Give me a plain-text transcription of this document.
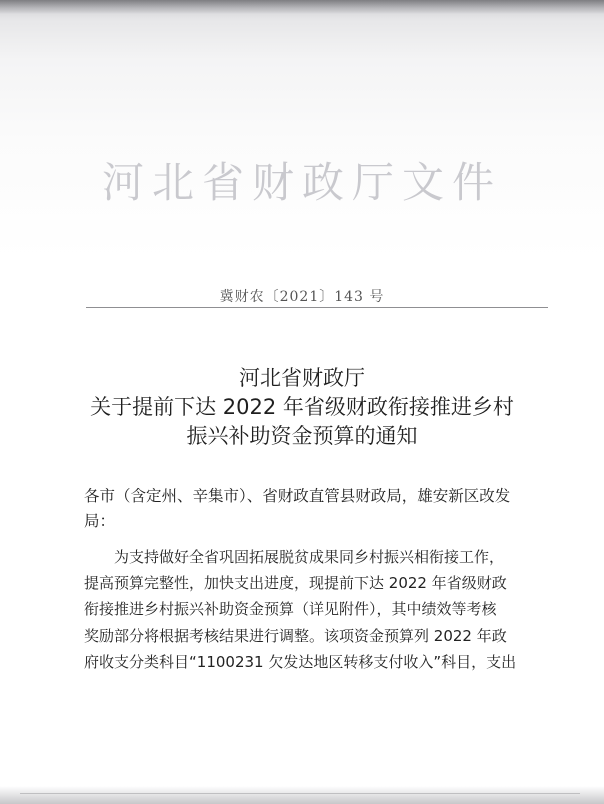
河北省财政厅文件
冀财农〔2021〕143 号
河北省财政厅
关于提前下达 2022 年省级财政衔接推进乡村
振兴补助资金预算的通知
各市（含定州、辛集市）、省财政直管县财政局，雄安新区改发
局：
为支持做好全省巩固拓展脱贫成果同乡村振兴相衔接工作，
提高预算完整性，加快支出进度，现提前下达 2022 年省级财政
衔接推进乡村振兴补助资金预算（详见附件），其中绩效等考核
奖励部分将根据考核结果进行调整。该项资金预算列 2022 年政
府收支分类科目“1100231 欠发达地区转移支付收入”科目，支出
